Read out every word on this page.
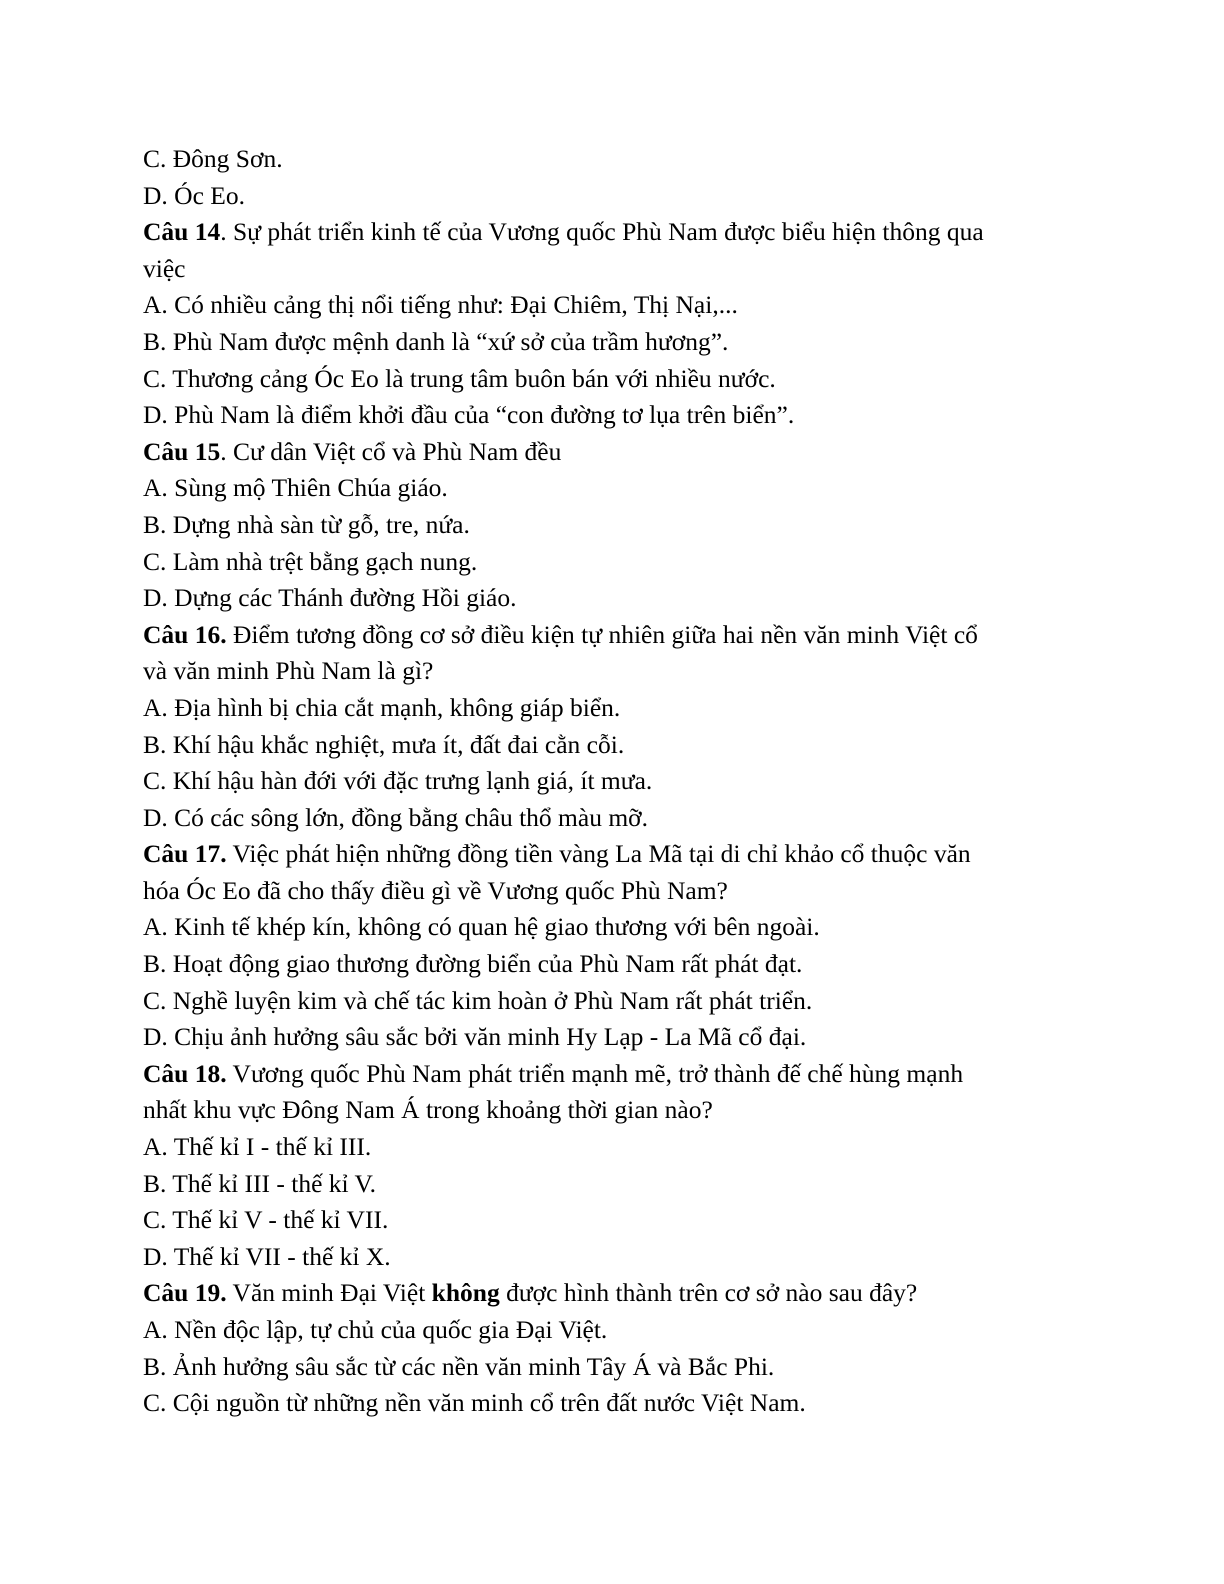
C. Đông Sơn.

D. Óc Eo.

Câu 14. Sự phát triển kinh tế của Vương quốc Phù Nam được biểu hiện thông qua

việc

A. Có nhiều cảng thị nổi tiếng như: Đại Chiêm, Thị Nại,...

B. Phù Nam được mệnh danh là “xứ sở của trầm hương”.

C. Thương cảng Óc Eo là trung tâm buôn bán với nhiều nước.

D. Phù Nam là điểm khởi đầu của “con đường tơ lụa trên biển”.

Câu 15. Cư dân Việt cổ và Phù Nam đều

A. Sùng mộ Thiên Chúa giáo.

B. Dựng nhà sàn từ gỗ, tre, nứa.

C. Làm nhà trệt bằng gạch nung.

D. Dựng các Thánh đường Hồi giáo.

Câu 16. Điểm tương đồng cơ sở điều kiện tự nhiên giữa hai nền văn minh Việt cổ

và văn minh Phù Nam là gì?

A. Địa hình bị chia cắt mạnh, không giáp biển.

B. Khí hậu khắc nghiệt, mưa ít, đất đai cằn cỗi.

C. Khí hậu hàn đới với đặc trưng lạnh giá, ít mưa.

D. Có các sông lớn, đồng bằng châu thổ màu mỡ.

Câu 17. Việc phát hiện những đồng tiền vàng La Mã tại di chỉ khảo cổ thuộc văn

hóa Óc Eo đã cho thấy điều gì về Vương quốc Phù Nam?

A. Kinh tế khép kín, không có quan hệ giao thương với bên ngoài.

B. Hoạt động giao thương đường biển của Phù Nam rất phát đạt.

C. Nghề luyện kim và chế tác kim hoàn ở Phù Nam rất phát triển.

D. Chịu ảnh hưởng sâu sắc bởi văn minh Hy Lạp - La Mã cổ đại.

Câu 18. Vương quốc Phù Nam phát triển mạnh mẽ, trở thành đế chế hùng mạnh

nhất khu vực Đông Nam Á trong khoảng thời gian nào?

A. Thế kỉ I - thế kỉ III.

B. Thế kỉ III - thế kỉ V.

C. Thế kỉ V - thế kỉ VII.

D. Thế kỉ VII - thế kỉ X.

Câu 19. Văn minh Đại Việt không được hình thành trên cơ sở nào sau đây?

A. Nền độc lập, tự chủ của quốc gia Đại Việt.

B. Ảnh hưởng sâu sắc từ các nền văn minh Tây Á và Bắc Phi.

C. Cội nguồn từ những nền văn minh cổ trên đất nước Việt Nam.
